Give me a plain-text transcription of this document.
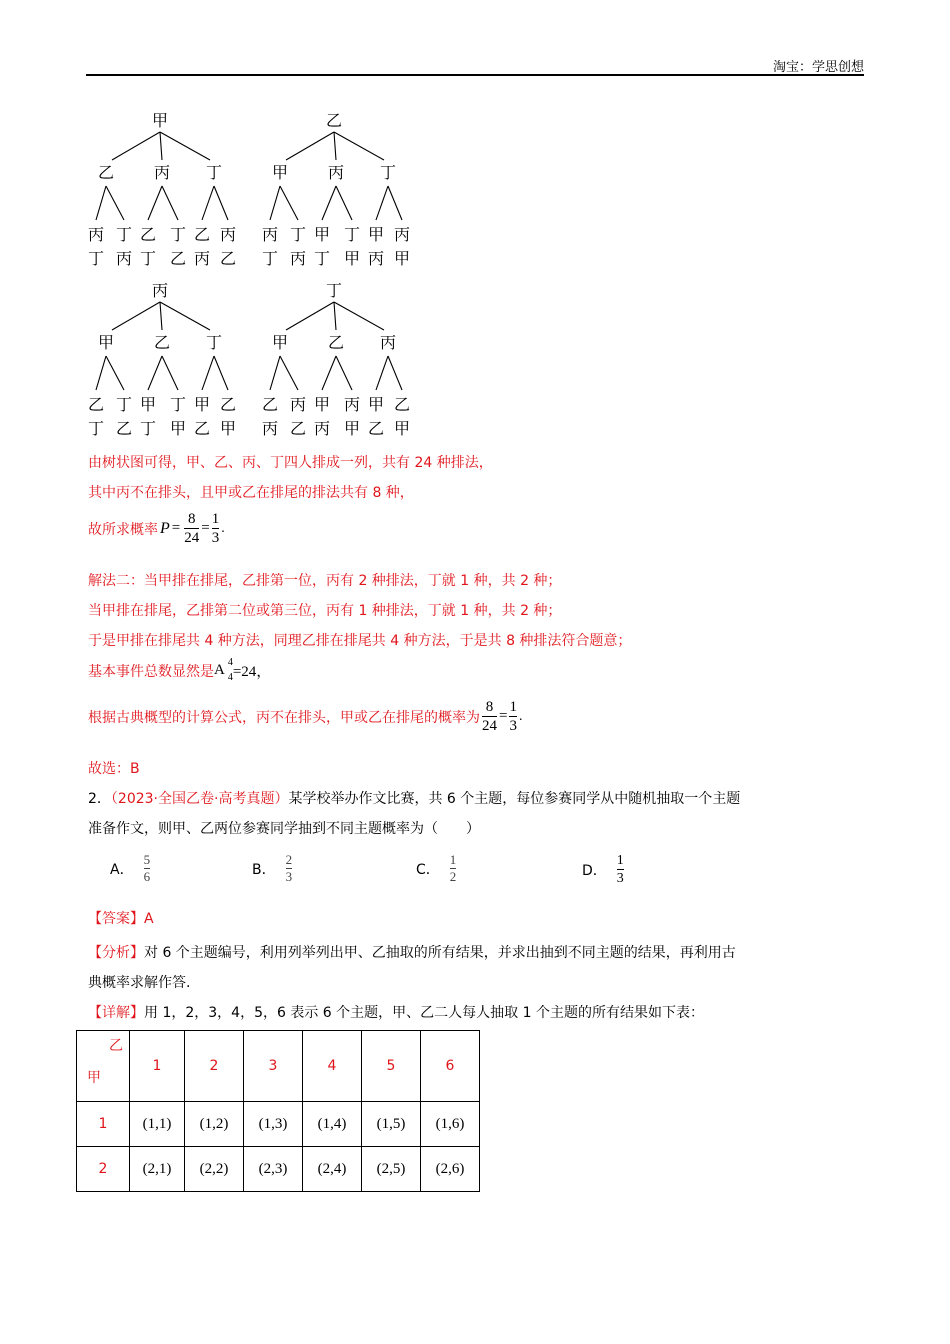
淘宝：学思创想
甲
乙
丙
丁
丁
丙
丙
乙
丁
丁
乙
丁
乙
丙
丙
乙
乙
甲
丙
丁
丁
丙
丙
甲
丁
丁
甲
丁
甲
丙
丙
甲
丙
甲
乙
丁
丁
乙
乙
甲
丁
丁
甲
丁
甲
乙
乙
甲
丁
甲
乙
丙
丙
乙
乙
甲
丙
丙
甲
丙
甲
乙
乙
甲
由树状图可得，甲、乙、丙、丁四人排成一列，共有 24 种排法，
其中丙不在排头，且甲或乙在排尾的排法共有 8 种，
故所求概率 $P = \frac{8}{24} = \frac{1}{3}$ .
解法二：当甲排在排尾，乙排第一位，丙有 2 种排法，丁就 1 种，共 2 种；
当甲排在排尾，乙排第二位或第三位，丙有 1 种排法，丁就 1 种，共 2 种；
于是甲排在排尾共 4 种方法，同理乙排在排尾共 4 种方法，于是共 8 种排法符合题意；
基本事件总数显然是 A 4
4 =24，
根据古典概型的计算公式，丙不在排头，甲或乙在排尾的概率为 $\frac{8}{24} = \frac{1}{3}$ .
故选：B
2．（2023·全国乙卷·高考真题）某学校举办作文比赛，共 6 个主题，每位参赛同学从中随机抽取一个主题
准备作文，则甲、乙两位参赛同学抽到不同主题概率为（　　）
A． $\frac{5}{6}$	B． $\frac{2}{3}$	C． $\frac{1}{2}$	D． $\frac{1}{3}$
【答案】A
【分析】对 6 个主题编号，利用列举列出甲、乙抽取的所有结果，并求出抽到不同主题的结果，再利用古
典概率求解作答.
【详解】用 1，2，3，4，5，6 表示 6 个主题，甲、乙二人每人抽取 1 个主题的所有结果如下表：
乙
甲	1	2	3	4	5	6
1	(1,1)	(1,2)	(1,3)	(1,4)	(1,5)	(1,6)
2	(2,1)	(2,2)	(2,3)	(2,4)	(2,5)	(2,6)
